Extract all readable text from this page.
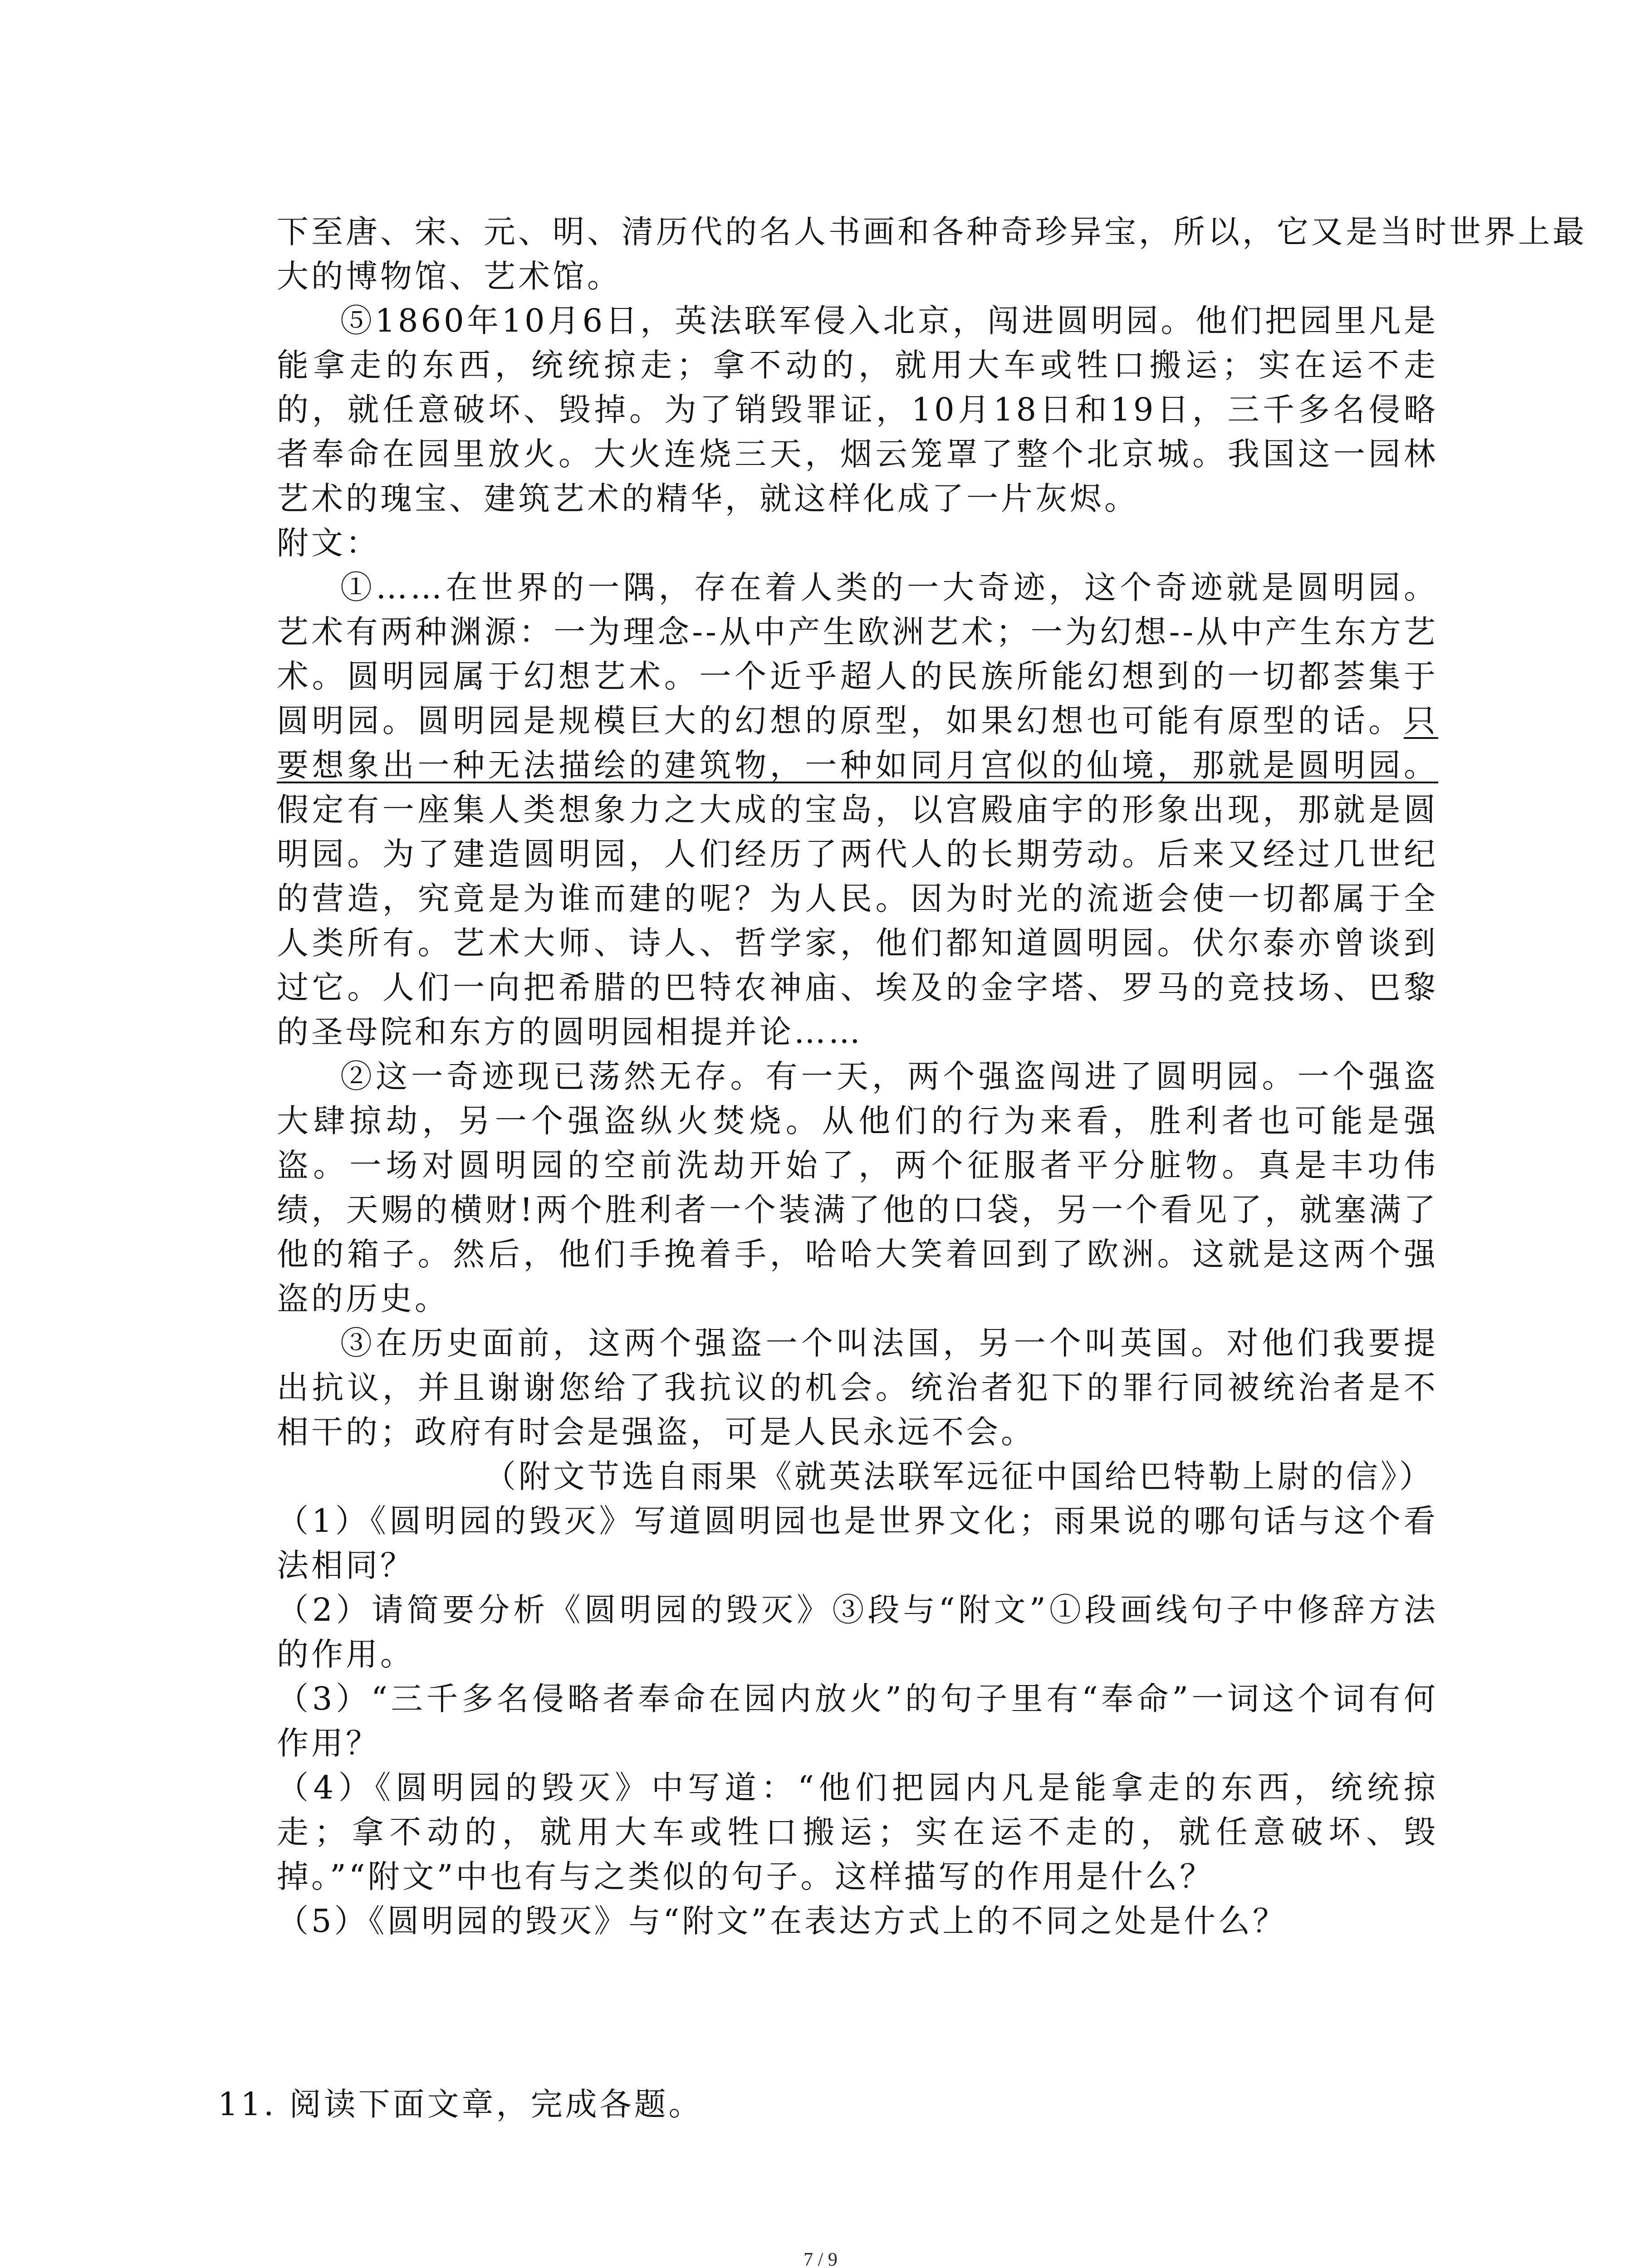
下至唐、宋、元、明、清历代的名人书画和各种奇珍异宝，所以，它又是当时世界上最
大的博物馆、艺术馆。

⑤1860年10月6日，英法联军侵入北京，闯进圆明园。他们把园里凡是能拿走的东西，统统掠走；拿不动的，就用大车或牲口搬运；实在运不走的，就任意破坏、毁掉。为了销毁罪证，10月18日和19日，三千多名侵略者奉命在园里放火。大火连烧三天，烟云笼罩了整个北京城。我国这一园林艺术的瑰宝、建筑艺术的精华，就这样化成了一片灰烬。

附文：

①……在世界的一隅，存在着人类的一大奇迹，这个奇迹就是圆明园。艺术有两种渊源：一为理念--从中产生欧洲艺术；一为幻想--从中产生东方艺术。圆明园属于幻想艺术。一个近乎超人的民族所能幻想到的一切都荟集于圆明园。圆明园是规模巨大的幻想的原型，如果幻想也可能有原型的话。只要想象出一种无法描绘的建筑物，一种如同月宫似的仙境，那就是圆明园。假定有一座集人类想象力之大成的宝岛，以宫殿庙宇的形象出现，那就是圆明园。为了建造圆明园，人们经历了两代人的长期劳动。后来又经过几世纪的营造，究竟是为谁而建的呢？为人民。因为时光的流逝会使一切都属于全人类所有。艺术大师、诗人、哲学家，他们都知道圆明园。伏尔泰亦曾谈到过它。人们一向把希腊的巴特农神庙、埃及的金字塔、罗马的竞技场、巴黎的圣母院和东方的圆明园相提并论……

②这一奇迹现已荡然无存。有一天，两个强盗闯进了圆明园。一个强盗大肆掠劫，另一个强盗纵火焚烧。从他们的行为来看，胜利者也可能是强盗。一场对圆明园的空前洗劫开始了，两个征服者平分脏物。真是丰功伟绩，天赐的横财!两个胜利者一个装满了他的口袋，另一个看见了，就塞满了他的箱子。然后，他们手挽着手，哈哈大笑着回到了欧洲。这就是这两个强盗的历史。

③在历史面前，这两个强盗一个叫法国，另一个叫英国。对他们我要提出抗议，并且谢谢您给了我抗议的机会。统治者犯下的罪行同被统治者是不相干的；政府有时会是强盗，可是人民永远不会。

（附文节选自雨果《就英法联军远征中国给巴特勒上尉的信》）

（1）《圆明园的毁灭》写道圆明园也是世界文化；雨果说的哪句话与这个看法相同？

（2）请简要分析《圆明园的毁灭》③段与“附文”①段画线句子中修辞方法的作用。

（3）“三千多名侵略者奉命在园内放火”的句子里有“奉命”一词这个词有何作用？

（4）《圆明园的毁灭》中写道：“他们把园内凡是能拿走的东西，统统掠走；拿不动的，就用大车或牲口搬运；实在运不走的，就任意破坏、毁掉。”“附文”中也有与之类似的句子。这样描写的作用是什么？

（5）《圆明园的毁灭》与“附文”在表达方式上的不同之处是什么？

11. 阅读下面文章，完成各题。
7 / 9
